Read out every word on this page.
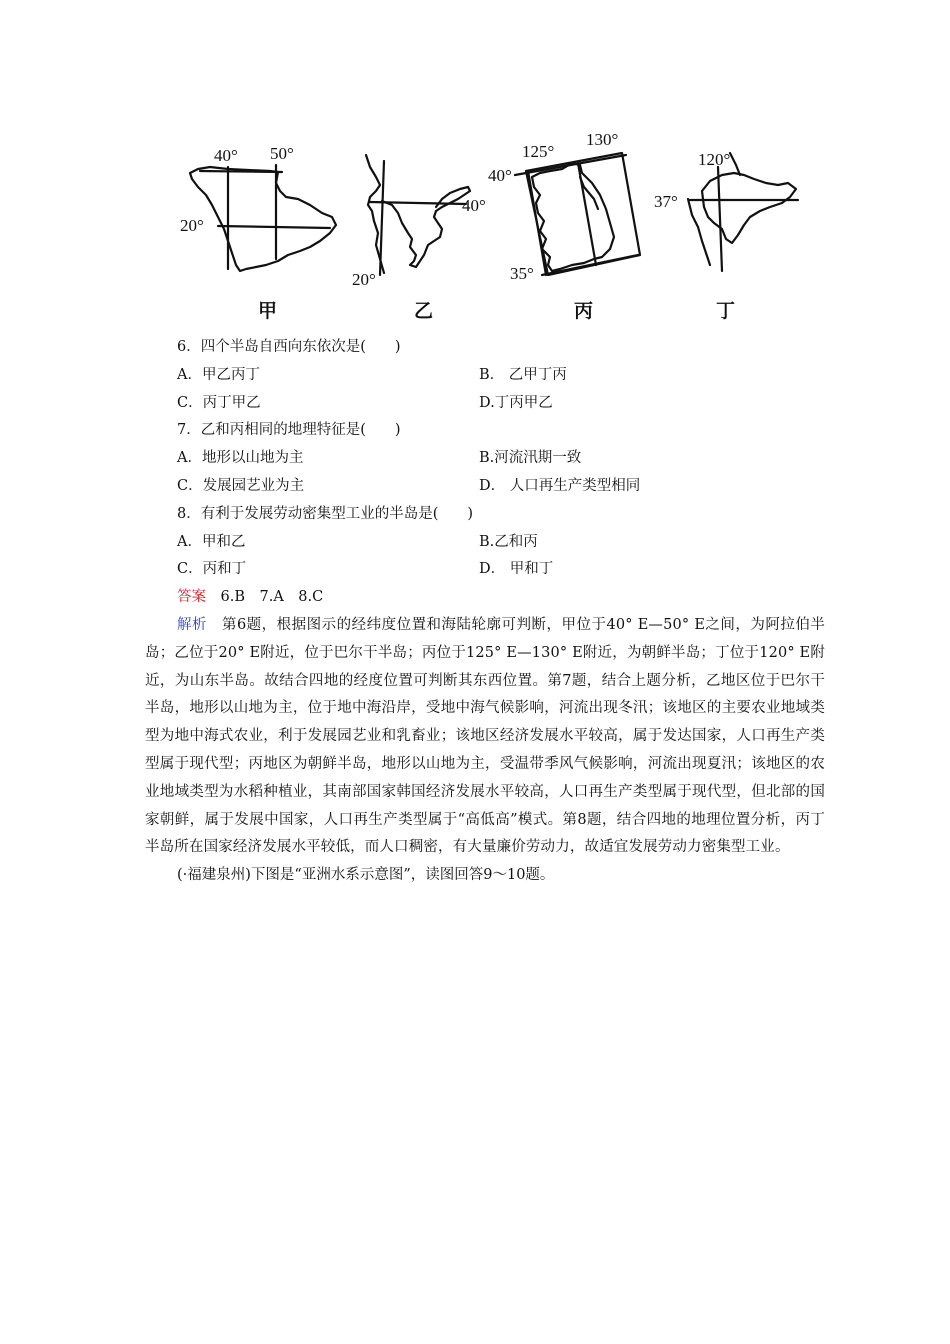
40° 50°
20°
20°
40°
125°
130°
40°
35°
120°
37°
甲	乙	丙	丁
6．四个半岛自西向东依次是(　　)
A．甲乙丙丁	B． 乙甲丁丙
C．丙丁甲乙	D.丁丙甲乙
7．乙和丙相同的地理特征是(　　)
A．地形以山地为主	B.河流汛期一致
C．发展园艺业为主	D． 人口再生产类型相同
8．有利于发展劳动密集型工业的半岛是(　　)
A．甲和乙	B.乙和丙
C．丙和丁	D． 甲和丁
答案　6.B　7.A　8.C
解析　第6题，根据图示的经纬度位置和海陆轮廓可判断，甲位于40° E—50° E之间，为阿拉伯半岛；乙位于20° E附近，位于巴尔干半岛；丙位于125° E—130° E附近，为朝鲜半岛；丁位于120° E附近，为山东半岛。故结合四地的经度位置可判断其东西位置。第7题，结合上题分析，乙地区位于巴尔干半岛，地形以山地为主，位于地中海沿岸，受地中海气候影响，河流出现冬汛；该地区的主要农业地域类型为地中海式农业，利于发展园艺业和乳畜业；该地区经济发展水平较高，属于发达国家，人口再生产类型属于现代型；丙地区为朝鲜半岛，地形以山地为主，受温带季风气候影响，河流出现夏汛；该地区的农业地域类型为水稻种植业，其南部国家韩国经济发展水平较高，人口再生产类型属于现代型，但北部的国家朝鲜，属于发展中国家，人口再生产类型属于“高低高”模式。第8题，结合四地的地理位置分析，丙丁半岛所在国家经济发展水平较低，而人口稠密，有大量廉价劳动力，故适宜发展劳动力密集型工业。
(·福建泉州)下图是“亚洲水系示意图”，读图回答9～10题。
